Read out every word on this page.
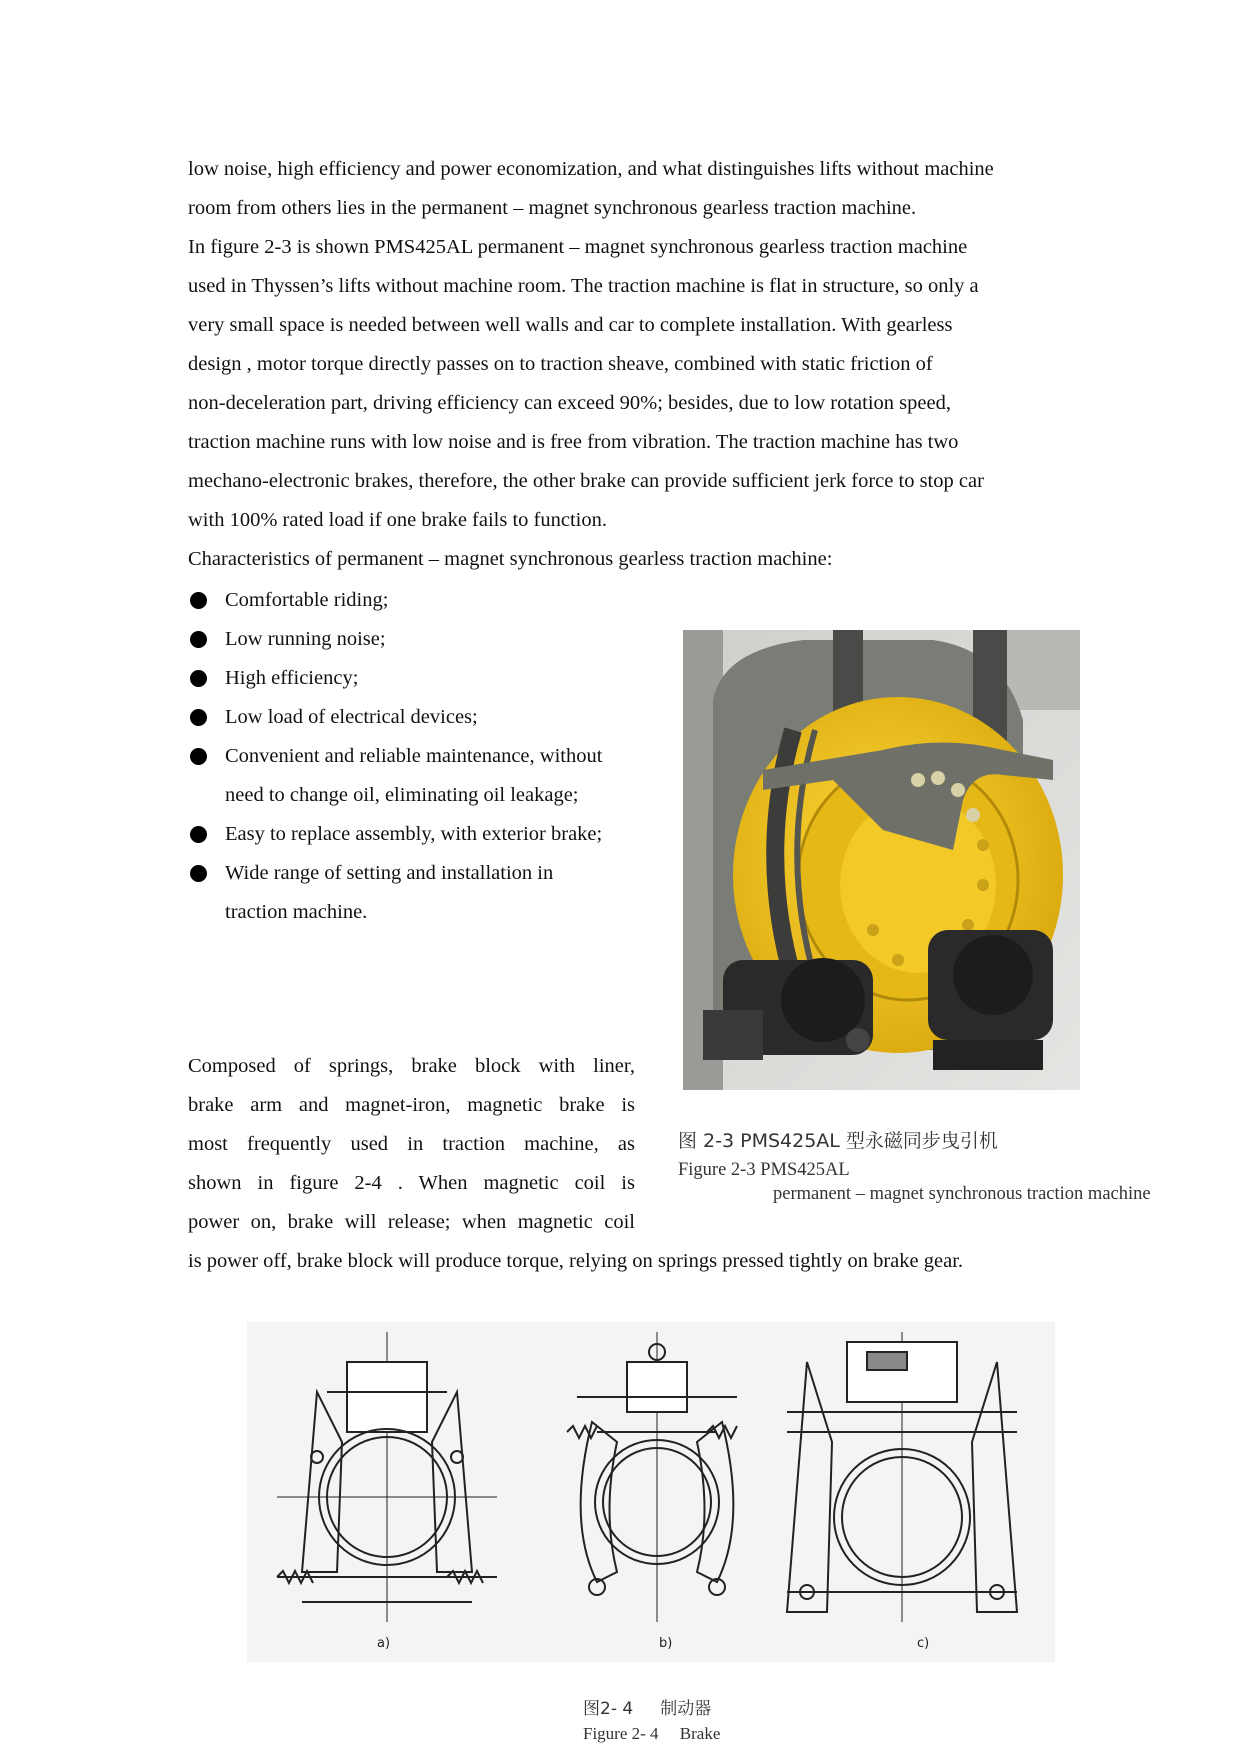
low noise, high efficiency and power economization, and what distinguishes lifts without machine
room from others lies in the permanent – magnet synchronous gearless traction machine.
In figure 2-3 is shown PMS425AL permanent – magnet synchronous gearless traction machine
used in Thyssen’s lifts without machine room. The traction machine is flat in structure, so only a
very small space is needed between well walls and car to complete installation. With gearless
design , motor torque directly passes on to traction sheave, combined with static friction of
non-deceleration part, driving efficiency can exceed 90%; besides, due to low rotation speed,
traction machine runs with low noise and is free from vibration. The traction machine has two
mechano-electronic brakes, therefore, the other brake can provide sufficient jerk force to stop car
with 100% rated load if one brake fails to function.
Characteristics of permanent – magnet synchronous gearless traction machine:
Comfortable riding;
Low running noise;
High efficiency;
Low load of electrical devices;
Convenient and reliable maintenance, without
need to change oil, eliminating oil leakage;
Easy to replace assembly, with exterior brake;
Wide range of setting and installation in
traction machine.
Composed of springs, brake block with liner,
brake arm and magnet-iron, magnetic brake is
most frequently used in traction machine, as
shown in figure 2-4 . When magnetic coil is
power on, brake will release; when magnetic coil
is power off, brake block will produce torque, relying on springs pressed tightly on brake gear.
图 2-3 PMS425AL 型永磁同步曳引机
Figure 2-3 PMS425AL
permanent – magnet synchronous traction machine
a)	b)	c)
图2- 4     制动器
Figure 2- 4     Brake
